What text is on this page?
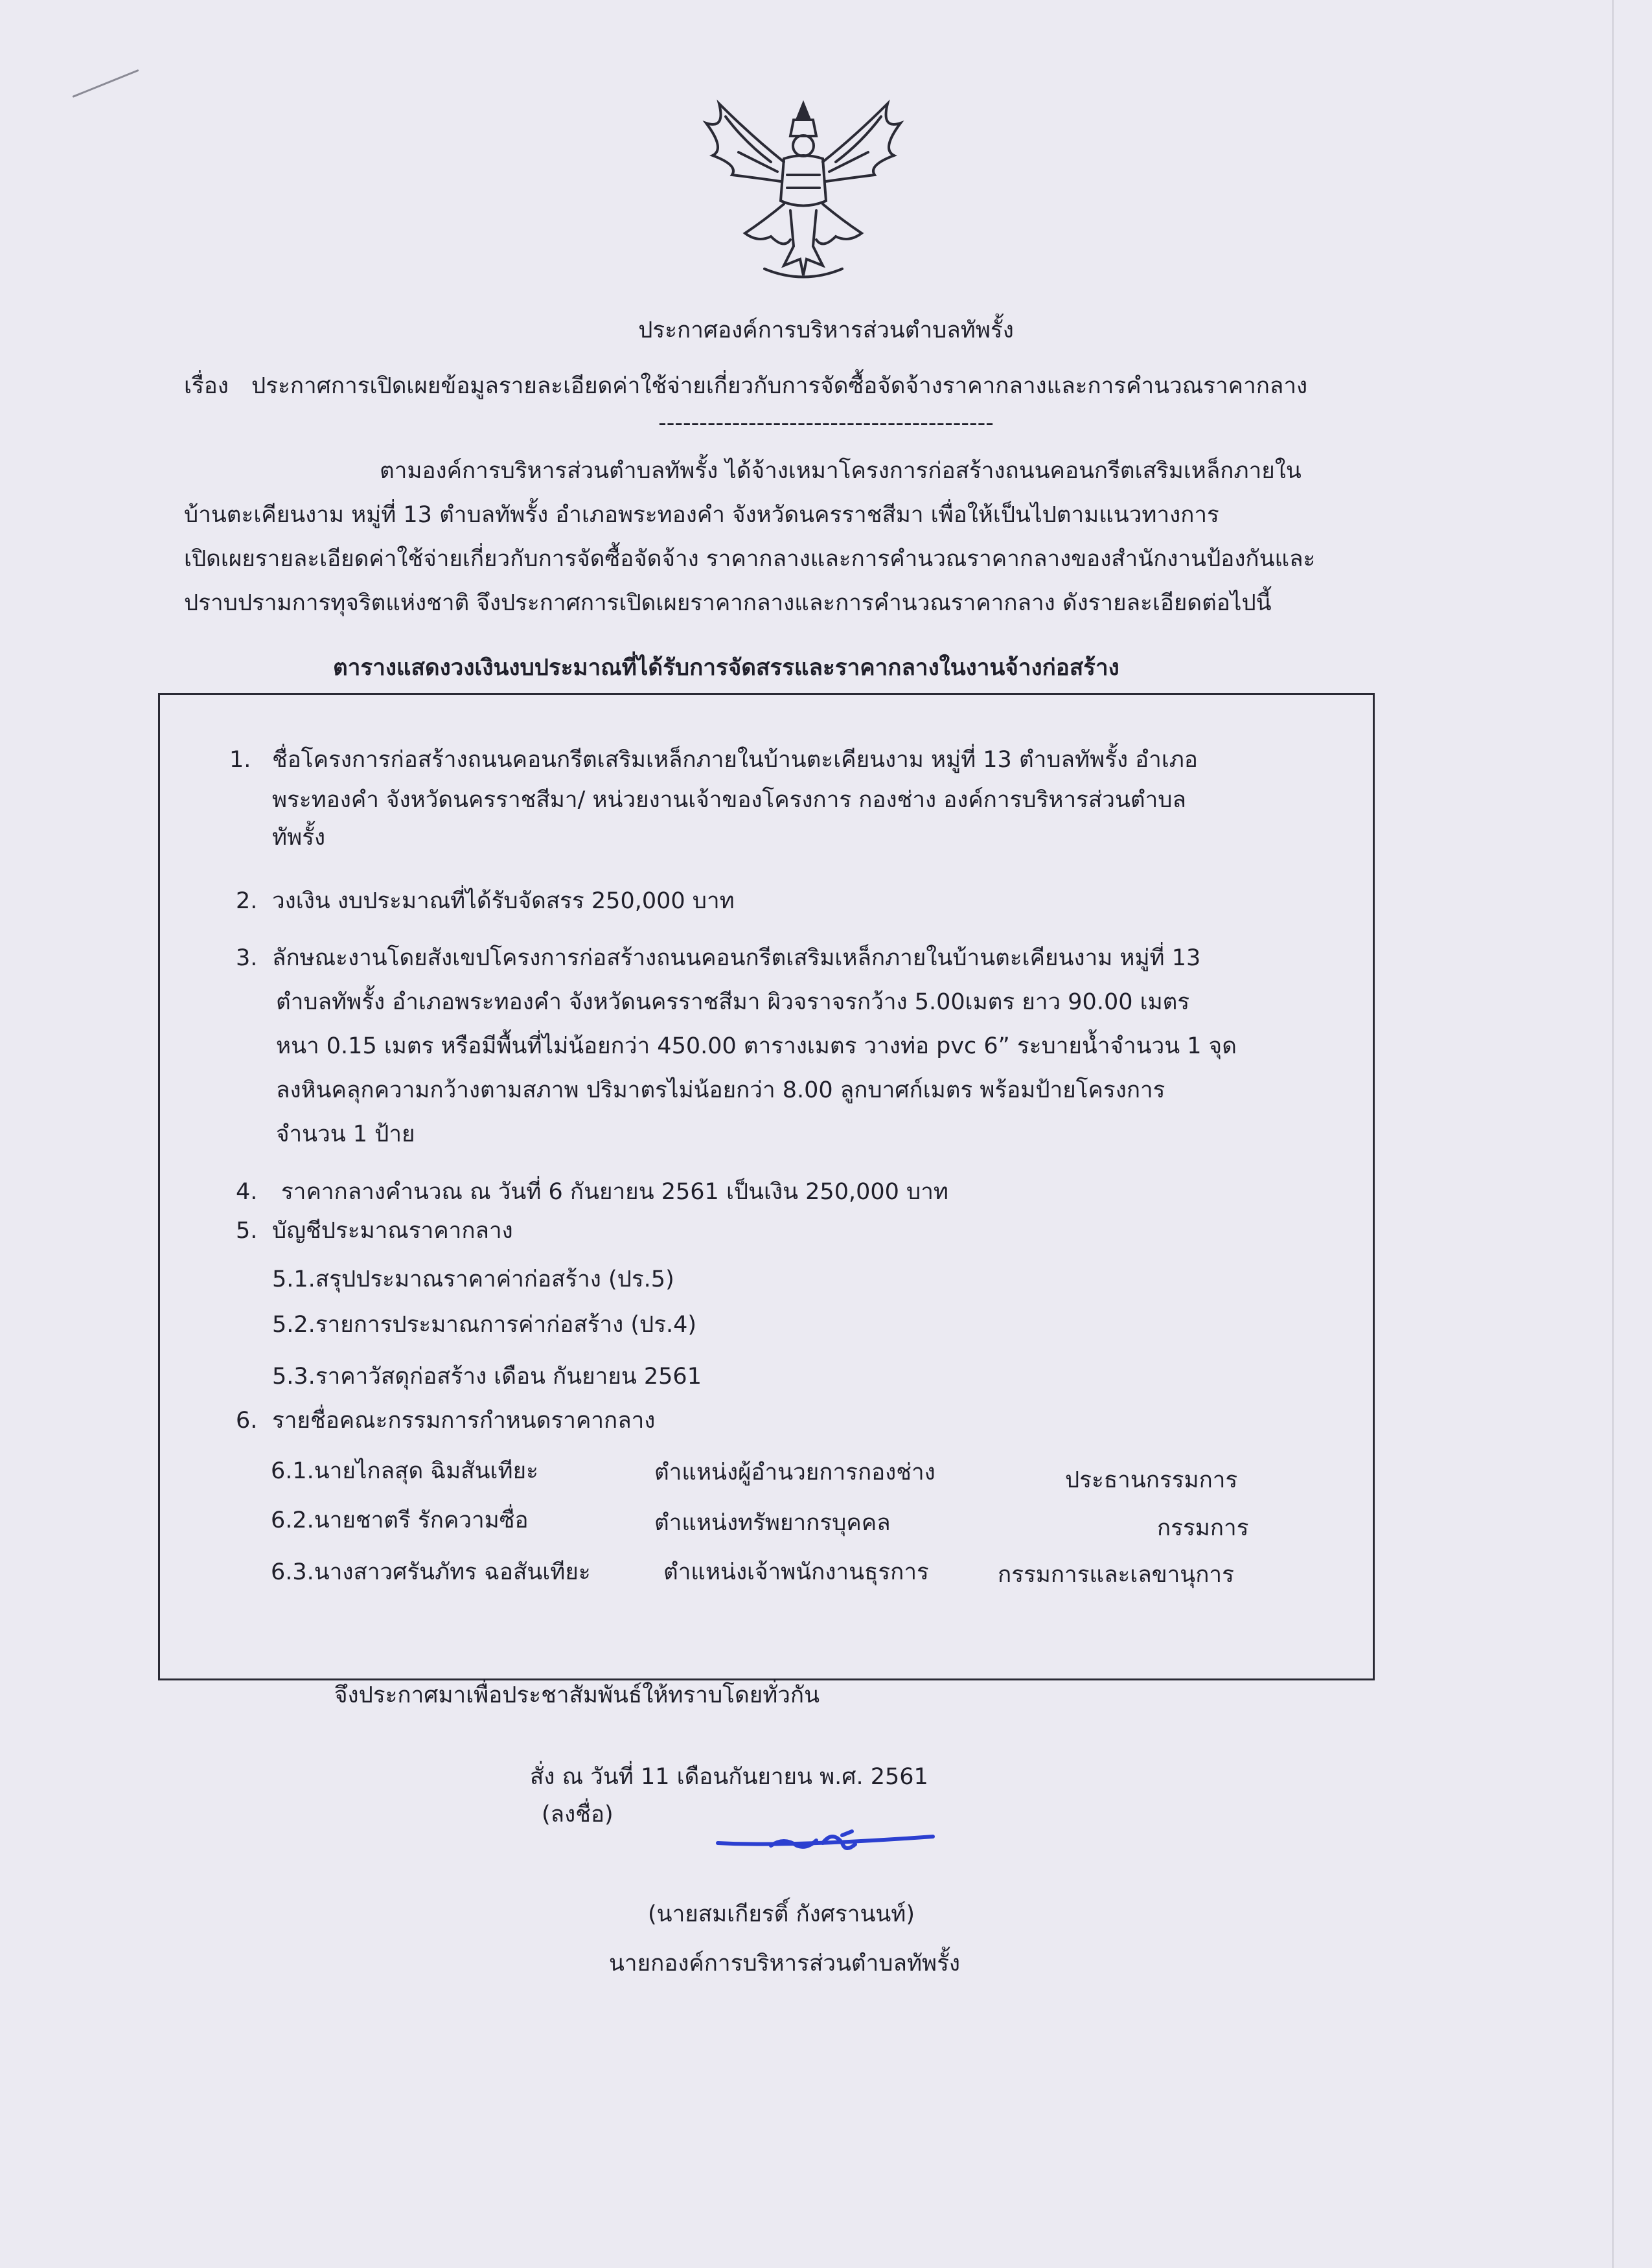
ประกาศองค์การบริหารส่วนตำบลทัพรั้ง
เรื่อง ประกาศการเปิดเผยข้อมูลรายละเอียดค่าใช้จ่ายเกี่ยวกับการจัดซื้อจัดจ้างราคากลางและการคำนวณราคากลาง
-----------------------------------------
ตามองค์การบริหารส่วนตำบลทัพรั้ง ได้จ้างเหมาโครงการก่อสร้างถนนคอนกรีตเสริมเหล็กภายใน
บ้านตะเคียนงาม หมู่ที่ 13 ตำบลทัพรั้ง อำเภอพระทองคำ จังหวัดนครราชสีมา เพื่อให้เป็นไปตามแนวทางการ
เปิดเผยรายละเอียดค่าใช้จ่ายเกี่ยวกับการจัดซื้อจัดจ้าง ราคากลางและการคำนวณราคากลางของสำนักงานป้องกันและ
ปราบปรามการทุจริตแห่งชาติ จึงประกาศการเปิดเผยราคากลางและการคำนวณราคากลาง ดังรายละเอียดต่อไปนี้
ตารางแสดงวงเงินงบประมาณที่ได้รับการจัดสรรและราคากลางในงานจ้างก่อสร้าง
1. ชื่อโครงการก่อสร้างถนนคอนกรีตเสริมเหล็กภายในบ้านตะเคียนงาม หมู่ที่ 13 ตำบลทัพรั้ง อำเภอ
พระทองคำ จังหวัดนครราชสีมา/ หน่วยงานเจ้าของโครงการ กองช่าง องค์การบริหารส่วนตำบล
ทัพรั้ง
2. วงเงิน งบประมาณที่ได้รับจัดสรร 250,000 บาท
3. ลักษณะงานโดยสังเขปโครงการก่อสร้างถนนคอนกรีตเสริมเหล็กภายในบ้านตะเคียนงาม หมู่ที่ 13
ตำบลทัพรั้ง อำเภอพระทองคำ จังหวัดนครราชสีมา ผิวจราจรกว้าง 5.00เมตร ยาว 90.00 เมตร
หนา 0.15 เมตร หรือมีพื้นที่ไม่น้อยกว่า 450.00 ตารางเมตร วางท่อ pvc 6” ระบายน้ำจำนวน 1 จุด
ลงหินคลุกความกว้างตามสภาพ ปริมาตรไม่น้อยกว่า 8.00 ลูกบาศก์เมตร พร้อมป้ายโครงการ
จำนวน 1 ป้าย
4. ราคากลางคำนวณ ณ วันที่ 6 กันยายน 2561 เป็นเงิน 250,000 บาท
5. บัญชีประมาณราคากลาง
5.1.สรุปประมาณราคาค่าก่อสร้าง (ปร.5)
5.2.รายการประมาณการค่าก่อสร้าง (ปร.4)
5.3.ราคาวัสดุก่อสร้าง เดือน กันยายน 2561
6. รายชื่อคณะกรรมการกำหนดราคากลาง
6.1.นายไกลสุด ฉิมสันเทียะ	ตำแหน่งผู้อำนวยการกองช่าง	ประธานกรรมการ
6.2.นายชาตรี รักความซื่อ	ตำแหน่งทรัพยากรบุคคล	กรรมการ
6.3.นางสาวศรันภัทร ฉอสันเทียะ	ตำแหน่งเจ้าพนักงานธุรการ	กรรมการและเลขานุการ
จึงประกาศมาเพื่อประชาสัมพันธ์ให้ทราบโดยทั่วกัน
สั่ง ณ วันที่ 11 เดือนกันยายน พ.ศ. 2561
(ลงชื่อ)
(นายสมเกียรติ์ กังศรานนท์)
นายกองค์การบริหารส่วนตำบลทัพรั้ง
